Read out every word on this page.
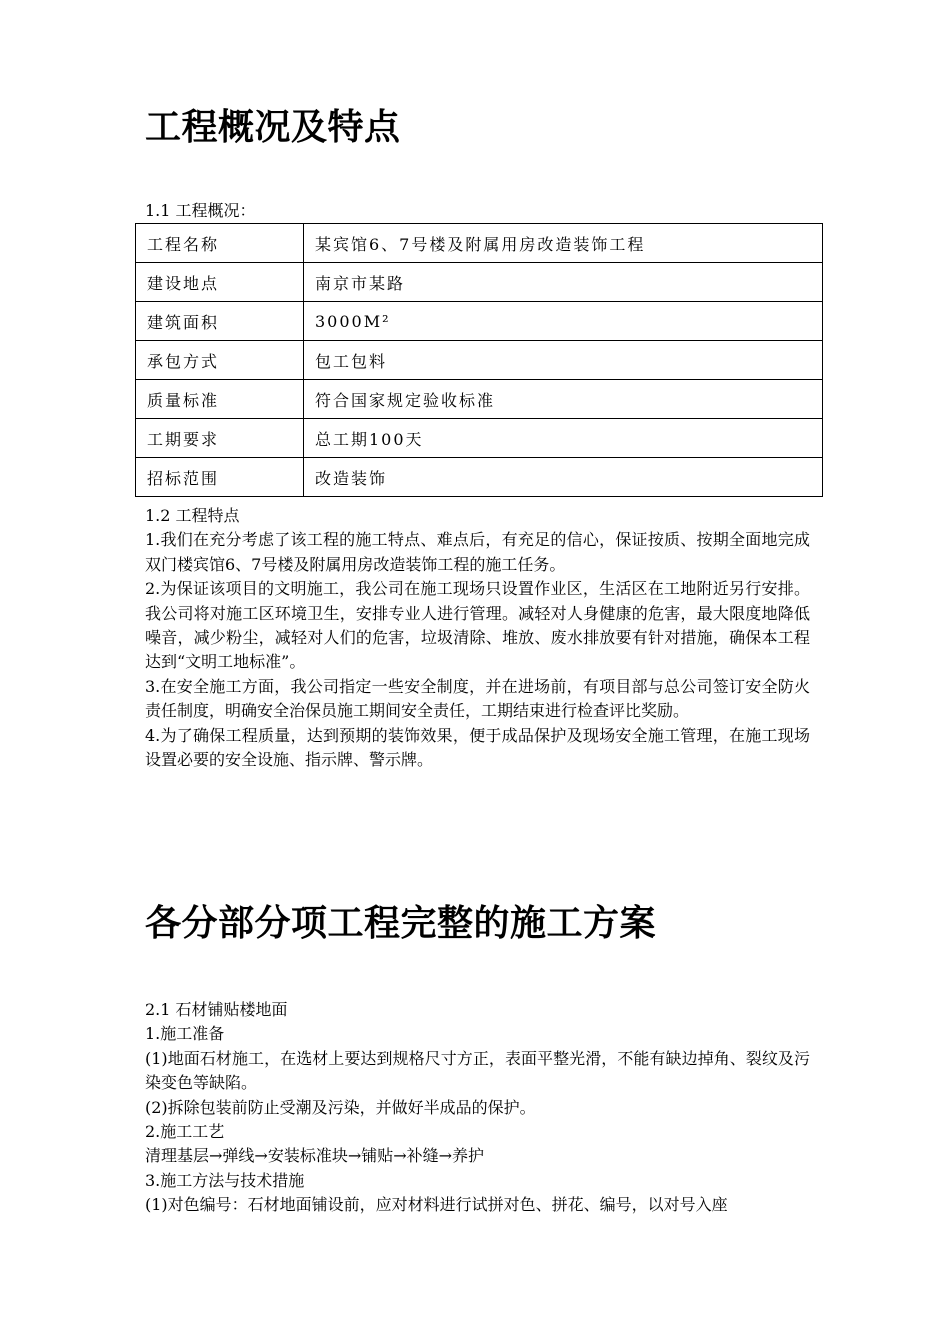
工程概况及特点
1.1 工程概况：
工程名称	某宾馆6、7号楼及附属用房改造装饰工程
建设地点	南京市某路
建筑面积	3000M²
承包方式	包工包料
质量标准	符合国家规定验收标准
工期要求	总工期100天
招标范围	改造装饰

1.2 工程特点

1.我们在充分考虑了该工程的施工特点、难点后，有充足的信心，保证按质、按期全面地完成双门楼宾馆6、7号楼及附属用房改造装饰工程的施工任务。

2.为保证该项目的文明施工，我公司在施工现场只设置作业区，生活区在工地附近另行安排。我公司将对施工区环境卫生，安排专业人进行管理。减轻对人身健康的危害，最大限度地降低噪音，减少粉尘，减轻对人们的危害，垃圾清除、堆放、废水排放要有针对措施，确保本工程达到“文明工地标准”。

3.在安全施工方面，我公司指定一些安全制度，并在进场前，有项目部与总公司签订安全防火责任制度，明确安全治保员施工期间安全责任，工期结束进行检查评比奖励。

4.为了确保工程质量，达到预期的装饰效果，便于成品保护及现场安全施工管理，在施工现场设置必要的安全设施、指示牌、警示牌。

各分部分项工程完整的施工方案

2.1 石材铺贴楼地面

1.施工准备

(1)地面石材施工，在选材上要达到规格尺寸方正，表面平整光滑，不能有缺边掉角、裂纹及污染变色等缺陷。

(2)拆除包装前防止受潮及污染，并做好半成品的保护。

2.施工工艺

清理基层→弹线→安装标准块→铺贴→补缝→养护

3.施工方法与技术措施

(1)对色编号：石材地面铺设前，应对材料进行试拼对色、拼花、编号，以对号入座
